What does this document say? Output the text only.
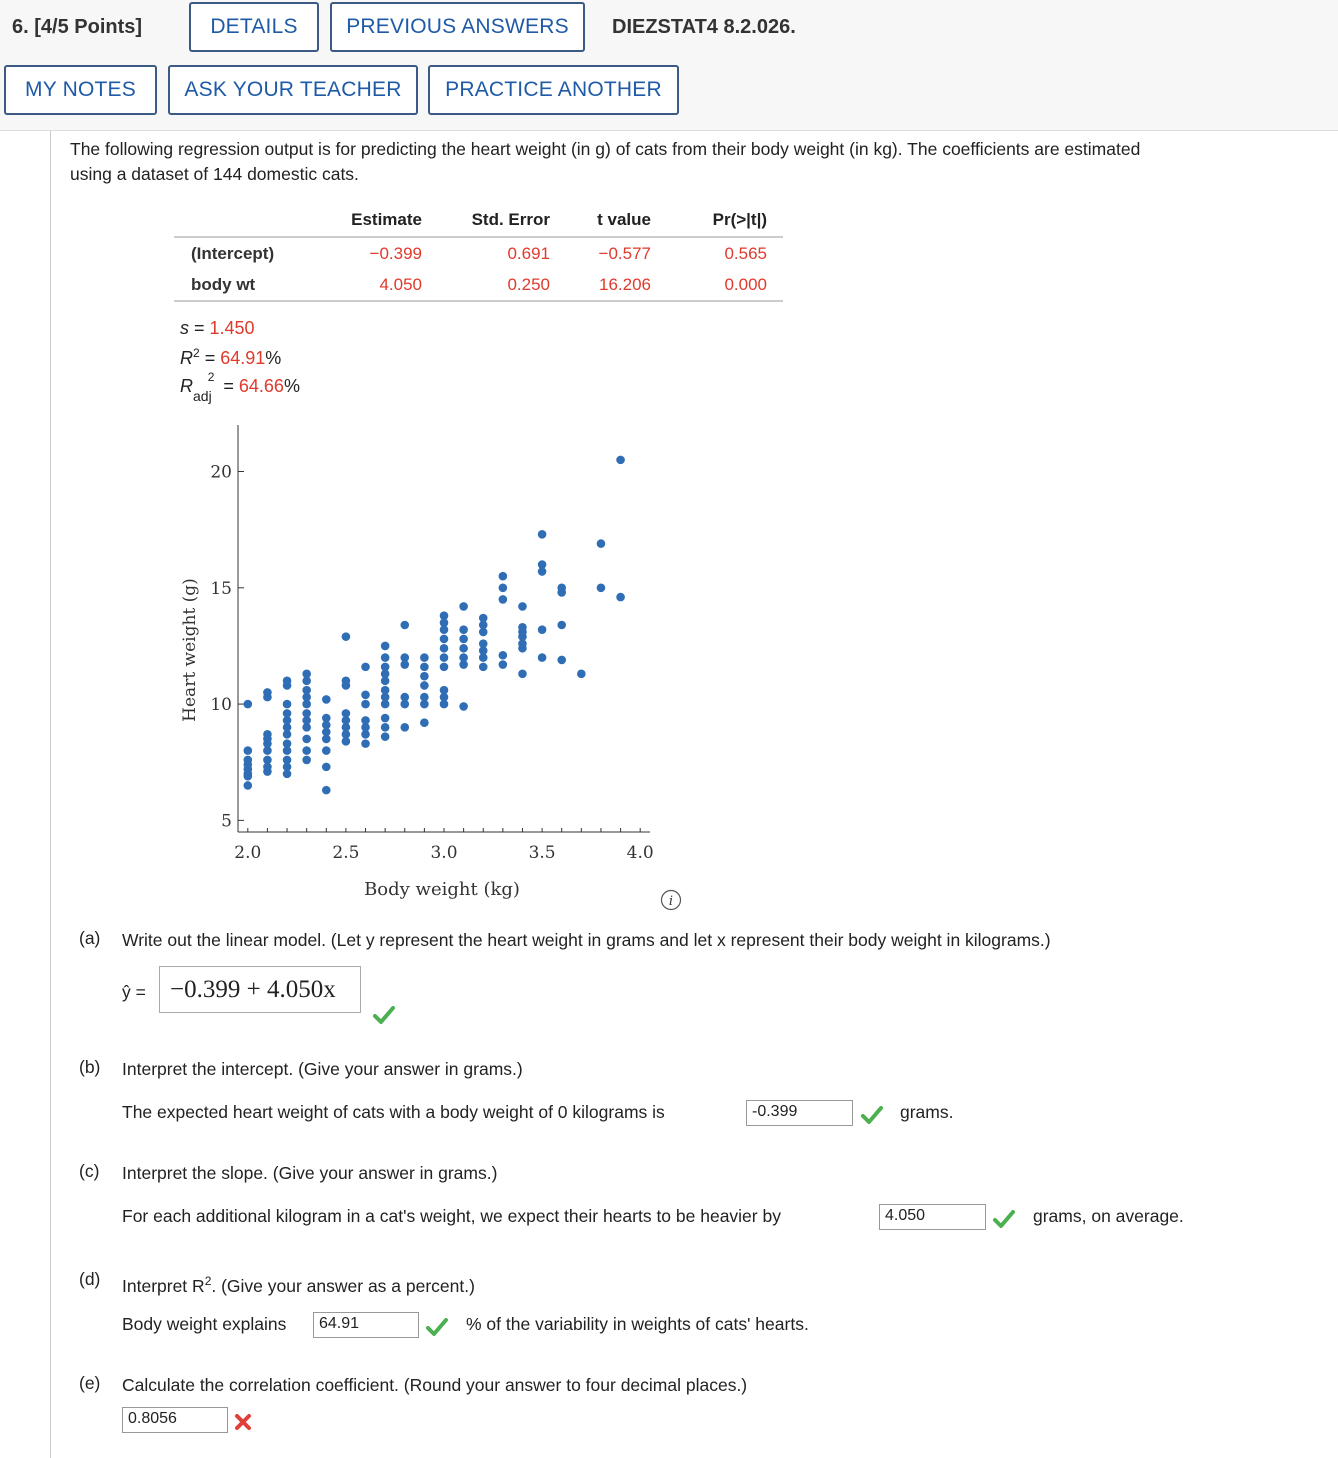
6. [4/5 Points]	DETAILS	PREVIOUS ANSWERS	DIEZSTAT4 8.2.026.
MY NOTES	ASK YOUR TEACHER	PRACTICE ANOTHER
The following regression output is for predicting the heart weight (in g) of cats from their body weight (in kg). The coefficients are estimated
using a dataset of 144 domestic cats.
	Estimate	Std. Error	t value	Pr(>|t|)	
(Intercept)	−0.399	0.691	−0.577	0.565	
body wt	4.050	0.250	16.206	0.000	
s = 1.450
$R^2 = 64.91\%$
$R_{adj}^2 = 64.66\%$
5
10
15
20
2.0	2.5	3.0	3.5	4.0
Heart weight (g)
Body weight (kg)
i
(a) Write out the linear model. (Let y represent the heart weight in grams and let x represent their body weight in kilograms.)
ŷ = −0.399 + 4.050x
(b) Interpret the intercept. (Give your answer in grams.)
The expected heart weight of cats with a body weight of 0 kilograms is	-0.399	grams.
(c) Interpret the slope. (Give your answer in grams.)
For each additional kilogram in a cat's weight, we expect their hearts to be heavier by	4.050	grams, on average.
(d) Interpret $R^2$. (Give your answer as a percent.)
Body weight explains	64.91	% of the variability in weights of cats' hearts.
(e) Calculate the correlation coefficient. (Round your answer to four decimal places.)
0.8056
